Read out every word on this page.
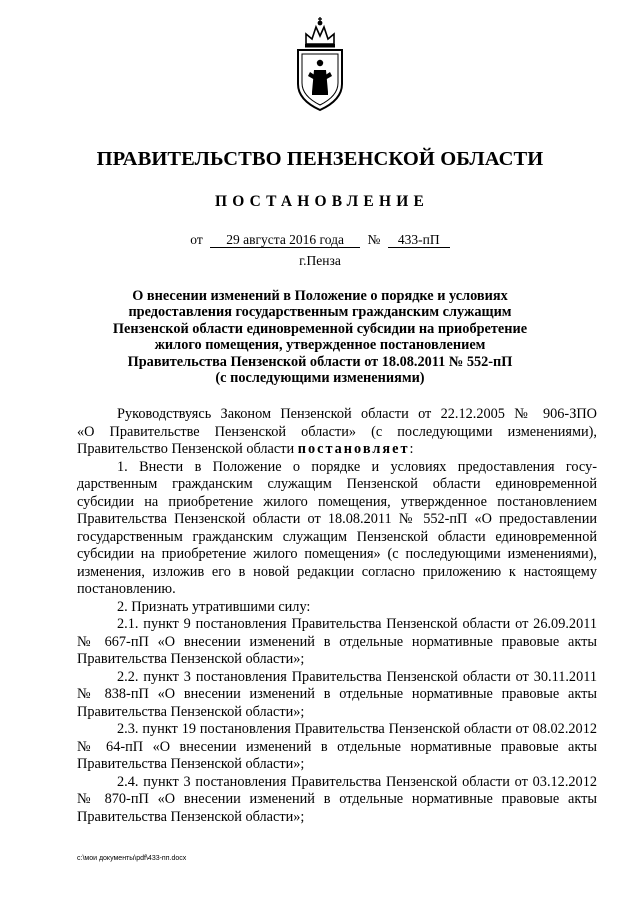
ПРАВИТЕЛЬСТВО ПЕНЗЕНСКОЙ ОБЛАСТИ
ПОСТАНОВЛЕНИЕ
от 29 августа 2016 года № 433-пП
г.Пенза
О внесении изменений в Положение о порядке и условиях
предоставления государственным гражданским служащим
Пензенской области единовременной субсидии на приобретение
жилого помещения, утвержденное постановлением
Правительства Пензенской области от 18.08.2011 № 552-пП
(с последующими изменениями)
Руководствуясь Законом Пензенской области от 22.12.2005 № 906-ЗПО
«О Правительстве Пензенской области» (с последующими изменениями),
Правительство Пензенской области постановляет:
1. Внести в Положение о порядке и условиях предоставления госу-
дарственным гражданским служащим Пензенской области единовременной
субсидии на приобретение жилого помещения, утвержденное постановлением
Правительства Пензенской области от 18.08.2011 № 552-пП «О предоставлении
государственным гражданским служащим Пензенской области единовременной
субсидии на приобретение жилого помещения» (с последующими изменениями),
изменения, изложив его в новой редакции согласно приложению к настоящему
постановлению.
2. Признать утратившими силу:
2.1. пункт 9 постановления Правительства Пензенской области от 26.09.2011
№ 667-пП «О внесении изменений в отдельные нормативные правовые акты
Правительства Пензенской области»;
2.2. пункт 3 постановления Правительства Пензенской области от 30.11.2011
№ 838-пП «О внесении изменений в отдельные нормативные правовые акты
Правительства Пензенской области»;
2.3. пункт 19 постановления Правительства Пензенской области от 08.02.2012
№ 64-пП «О внесении изменений в отдельные нормативные правовые акты
Правительства Пензенской области»;
2.4. пункт 3 постановления Правительства Пензенской области от 03.12.2012
№ 870-пП «О внесении изменений в отдельные нормативные правовые акты
Правительства Пензенской области»;
c:\мои документы\pdf\433-пп.docx
